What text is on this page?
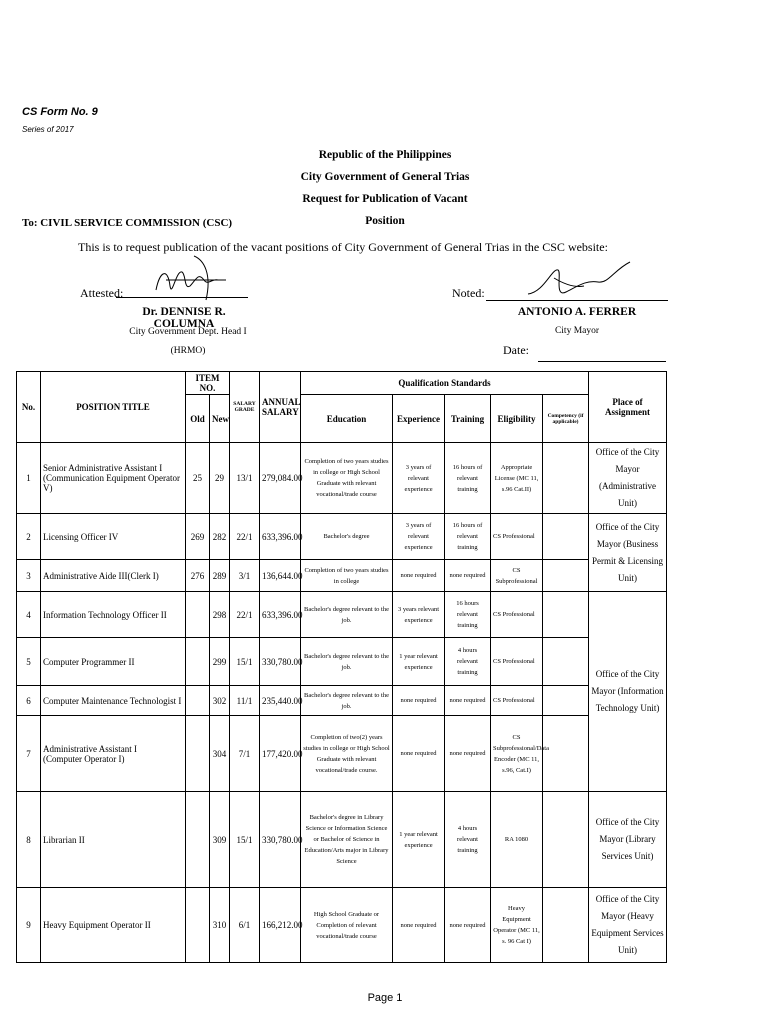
CS Form No. 9
Series of 2017
Republic of the Philippines
City Government of General Trias
Request for Publication of Vacant
Position
To: CIVIL SERVICE COMMISSION (CSC)
This is to request publication of the vacant positions of City Government of General Trias in the CSC website:
Attested:	Noted:
Dr. DENNISE R. COLUMNA
City Government Dept. Head I
(HRMO)
ANTONIO A. FERRER
City Mayor
Date:
No.	POSITION TITLE	ITEM NO.		SALARY GRADE	ANNUAL SALARY	Qualification Standards					Place of Assignment
		Old	New			Education	Experience	Training	Eligibility	Competency (if applicable)	
1	Senior Administrative Assistant I
(Communication Equipment Operator V)	25	29	13/1	279,084.00	Completion of two years studies in college or High School Graduate with relevant vocational/trade course	3 years of relevant experience	16 hours of relevant training	Appropriate License (MC 11, s.96 Cat.II)		Office of the City Mayor (Administrative Unit)
2	Licensing Officer IV	269	282	22/1	633,396.00	Bachelor's degree	3 years of relevant experience	16 hours of relevant training	CS Professional		Office of the City Mayor (Business Permit & Licensing Unit)
3	Administrative Aide III(Clerk I)	276	289	3/1	136,644.00	Completion of two years studies in college	none required	none required	CS Subprofessional		
4	Information Technology Officer II		298	22/1	633,396.00	Bachelor's degree relevant to the job.	3 years relevant experience	16 hours relevant training	CS Professional		Office of the City Mayor (Information Technology Unit)
5	Computer Programmer II		299	15/1	330,780.00	Bachelor's degree relevant to the job.	1 year relevant experience	4 hours relevant training	CS Professional		
6	Computer Maintenance Technologist I		302	11/1	235,440.00	Bachelor's degree relevant to the job.	none required	none required	CS Professional		
7	Administrative Assistant I
(Computer Operator I)		304	7/1	177,420.00	Completion of two(2) years studies in college or High School Graduate with relevant vocational/trade course.	none required	none required	CS Subprofessional/Data Encoder (MC 11, s.96, Cat.I)		
8	Librarian II		309	15/1	330,780.00	Bachelor's degree in Library Science or Information Science or Bachelor of Science in Education/Arts major in Library Science	1 year relevant experience	4 hours relevant training	RA 1080		Office of the City Mayor (Library Services Unit)
9	Heavy Equipment Operator II		310	6/1	166,212.00	High School Graduate or Completion of relevant vocational/trade course	none required	none required	Heavy Equipment Operator (MC 11, s. 96 Cat I)		Office of the City Mayor (Heavy Equipment Services Unit)
Page 1
